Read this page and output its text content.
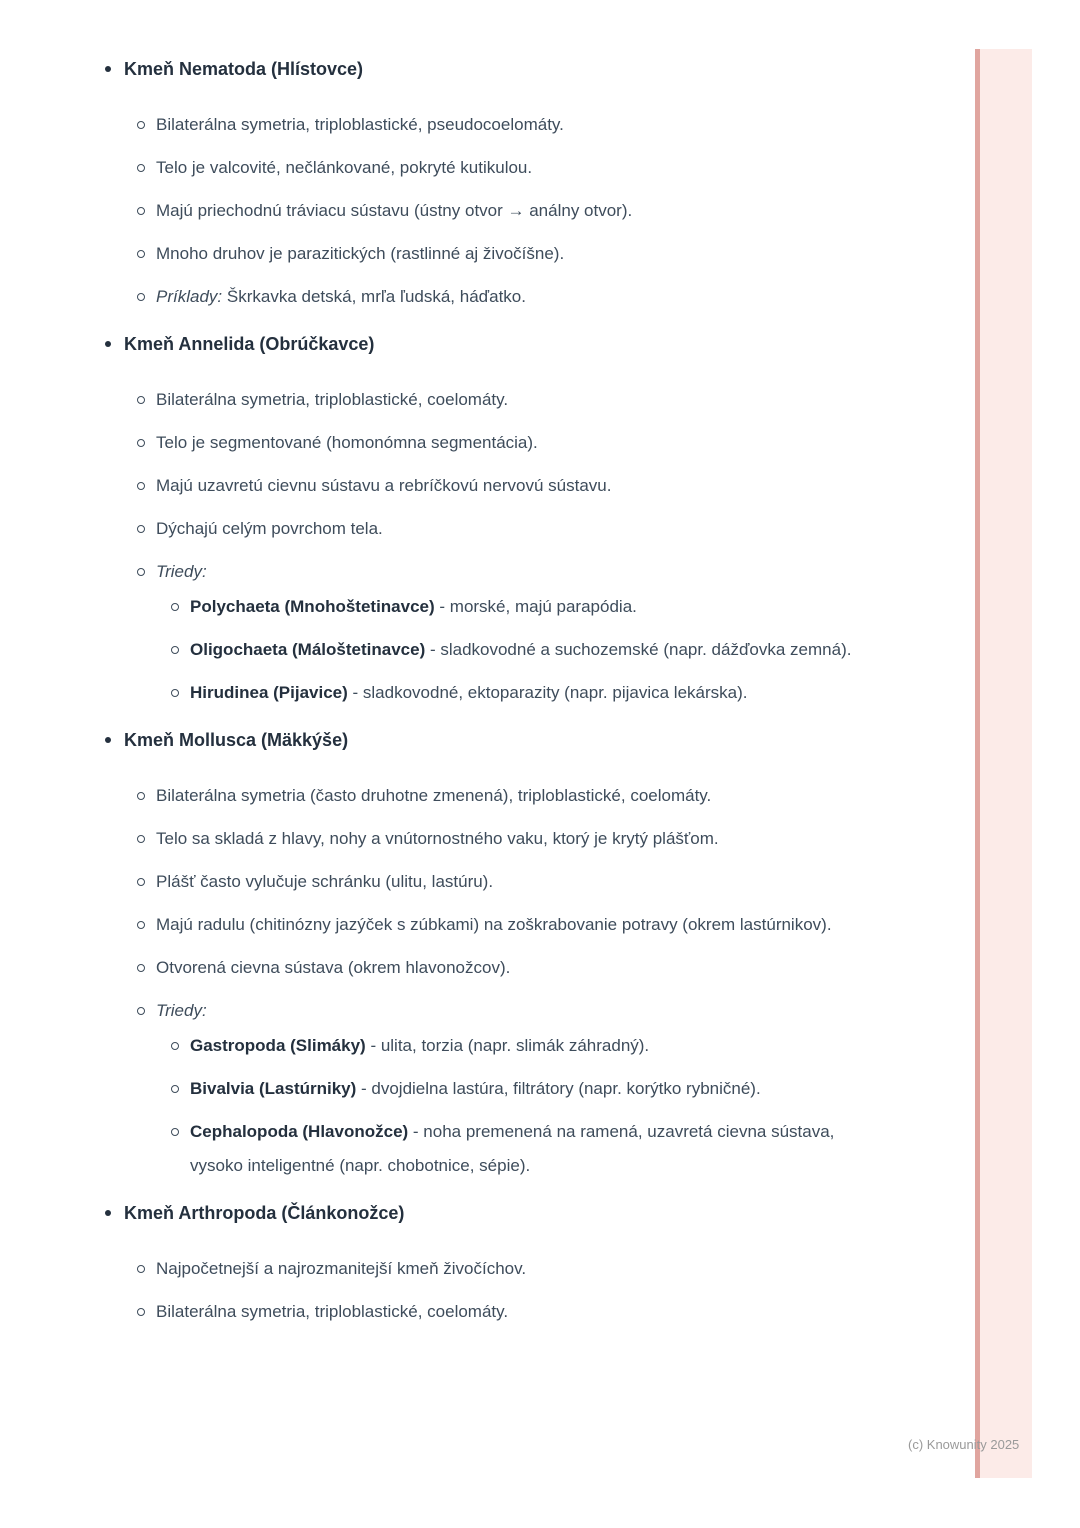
(c) Knowunity 2025
Kmeň Nematoda (Hlístovce)
Bilaterálna symetria, triploblastické, pseudocoelomáty.
Telo je valcovité, nečlánkované, pokryté kutikulou.
Majú priechodnú tráviacu sústavu (ústny otvor → análny otvor).
Mnoho druhov je parazitických (rastlinné aj živočíšne).
Príklady: Škrkavka detská, mrľa ľudská, háďatko.
Kmeň Annelida (Obrúčkavce)
Bilaterálna symetria, triploblastické, coelomáty.
Telo je segmentované (homonómna segmentácia).
Majú uzavretú cievnu sústavu a rebríčkovú nervovú sústavu.
Dýchajú celým povrchom tela.
Triedy:
Polychaeta (Mnohoštetinavce) - morské, majú parapódia.
Oligochaeta (Máloštetinavce) - sladkovodné a suchozemské (napr. dážďovka zemná).
Hirudinea (Pijavice) - sladkovodné, ektoparazity (napr. pijavica lekárska).
Kmeň Mollusca (Mäkkýše)
Bilaterálna symetria (často druhotne zmenená), triploblastické, coelomáty.
Telo sa skladá z hlavy, nohy a vnútornostného vaku, ktorý je krytý plášťom.
Plášť často vylučuje schránku (ulitu, lastúru).
Majú radulu (chitinózny jazýček s zúbkami) na zoškrabovanie potravy (okrem lastúrnikov).
Otvorená cievna sústava (okrem hlavonožcov).
Triedy:
Gastropoda (Slimáky) - ulita, torzia (napr. slimák záhradný).
Bivalvia (Lastúrniky) - dvojdielna lastúra, filtrátory (napr. korýtko rybničné).
Cephalopoda (Hlavonožce) - noha premenená na ramená, uzavretá cievna sústava, vysoko inteligentné (napr. chobotnice, sépie).
Kmeň Arthropoda (Článkonožce)
Najpočetnejší a najrozmanitejší kmeň živočíchov.
Bilaterálna symetria, triploblastické, coelomáty.
